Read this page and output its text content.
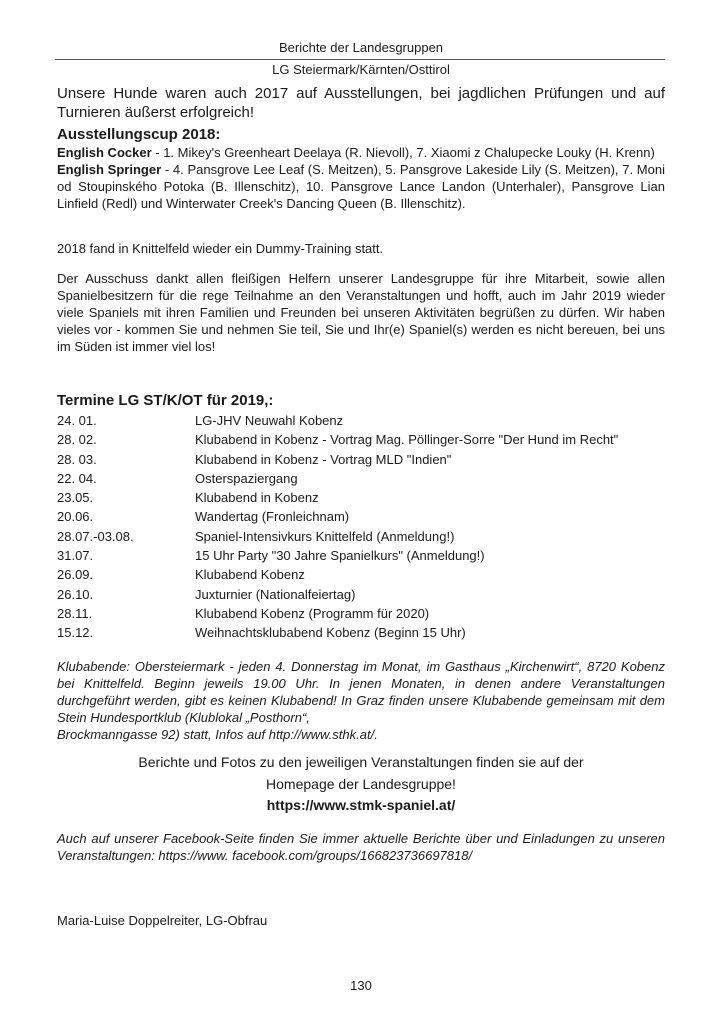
Berichte der Landesgruppen
LG Steiermark/Kärnten/Osttirol
Unsere Hunde waren auch 2017 auf Ausstellungen, bei jagdlichen Prüfungen und auf Turnieren äußerst erfolgreich!
Ausstellungscup 2018:

English Cocker - 1. Mikey's Greenheart Deelaya (R. Nievoll), 7. Xiaomi z Chalupecke Louky (H. Krenn)

English Springer - 4. Pansgrove Lee Leaf (S. Meitzen), 5. Pansgrove Lakeside Lily (S. Meitzen), 7. Moni od Stoupinského Potoka (B. Illenschitz), 10. Pansgrove Lance Landon (Unterhaler), Pansgrove Lian Linfield (Redl) und Winterwater Creek's Dancing Queen (B. Illenschitz).

2018 fand in Knittelfeld wieder ein Dummy-Training statt.
Der Ausschuss dankt allen fleißigen Helfern unserer Landesgruppe für ihre Mitarbeit, sowie allen Spanielbesitzern für die rege Teilnahme an den Veranstaltungen und hofft, auch im Jahr 2019 wieder viele Spaniels mit ihren Familien und Freunden bei unseren Aktivitäten begrüßen zu dürfen. Wir haben vieles vor - kommen Sie und nehmen Sie teil, Sie und Ihr(e) Spaniel(s) werden es nicht bereuen, bei uns im Süden ist immer viel los!
Termine LG ST/K/OT für 2019,:
24. 01.	LG-JHV Neuwahl Kobenz
28. 02.	Klubabend in Kobenz - Vortrag Mag. Pöllinger-Sorre "Der Hund im Recht"
28. 03.	Klubabend in Kobenz - Vortrag MLD "Indien"
22. 04.	Osterspaziergang
23.05.	Klubabend in Kobenz
20.06.	Wandertag (Fronleichnam)
28.07.-03.08.	Spaniel-Intensivkurs Knittelfeld (Anmeldung!)
31.07.	15 Uhr Party "30 Jahre Spanielkurs" (Anmeldung!)
26.09.	Klubabend Kobenz
26.10.	Juxturnier (Nationalfeiertag)
28.11.	Klubabend Kobenz (Programm für 2020)
15.12.	Weihnachtsklubabend Kobenz (Beginn 15 Uhr)

Klubabende: Obersteiermark - jeden 4. Donnerstag im Monat, im Gasthaus „Kirchenwirt“, 8720 Kobenz bei Knittelfeld. Beginn jeweils 19.00 Uhr. In jenen Monaten, in denen andere Veranstaltungen durchgeführt werden, gibt es keinen Klubabend! In Graz finden unsere Klubabende gemeinsam mit dem Stein Hundesportklub (Klublokal „Posthorn“,

Brockmanngasse 92) statt, Infos auf http://www.sthk.at/.

Berichte und Fotos zu den jeweiligen Veranstaltungen finden sie auf der
Homepage der Landesgruppe!
https://www.stmk-spaniel.at/
Auch auf unserer Facebook-Seite finden Sie immer aktuelle Berichte über und Einladungen zu unseren Veranstaltungen: https://www. facebook.com/groups/166823736697818/
Maria-Luise Doppelreiter, LG-Obfrau
130
